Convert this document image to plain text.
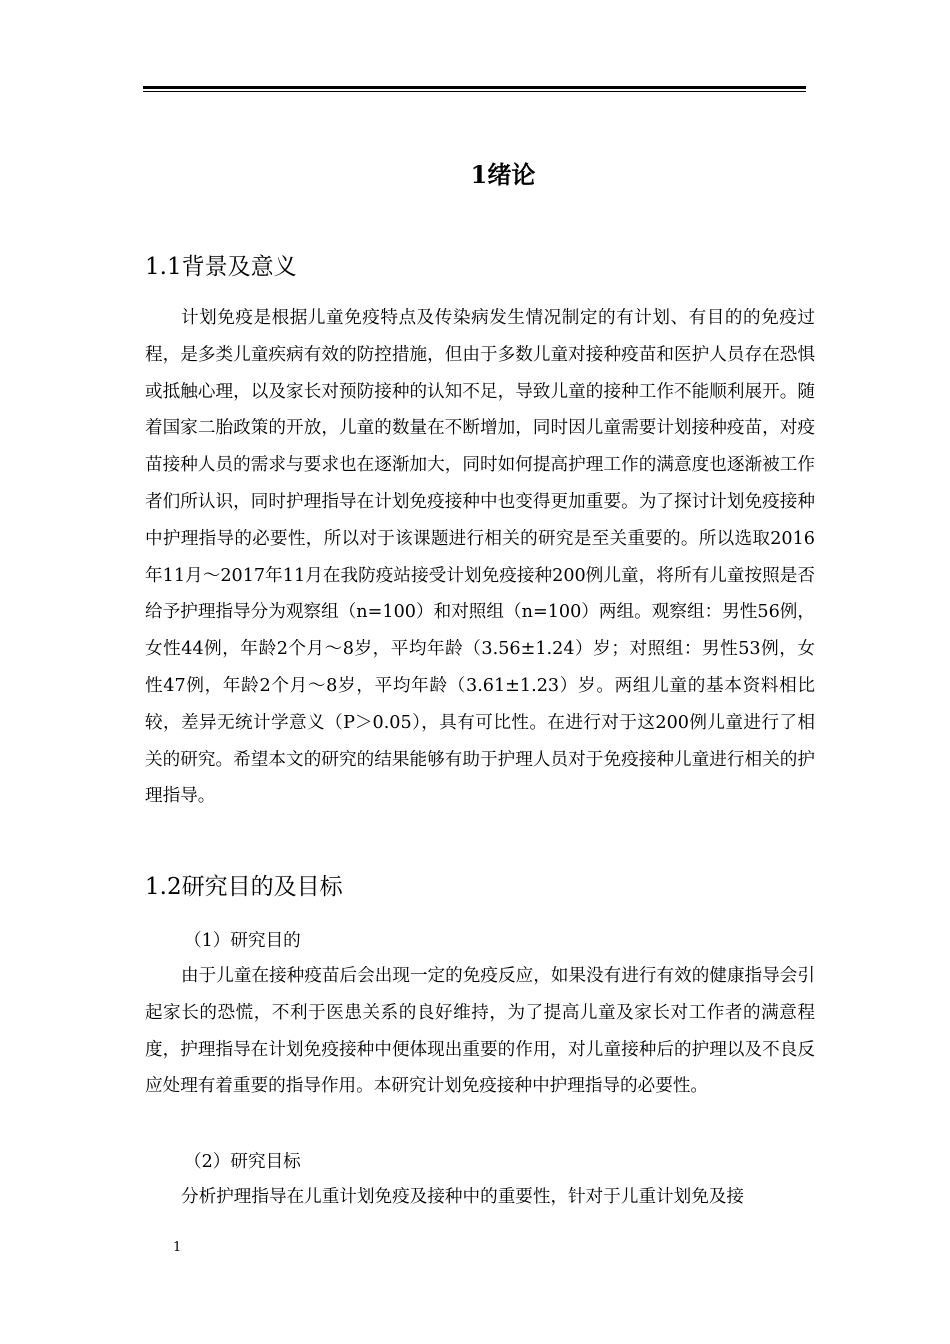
1绪论
1.1背景及意义

计划免疫是根据儿童免疫特点及传染病发生情况制定的有计划、有目的的免疫过程，是多类儿童疾病有效的防控措施，但由于多数儿童对接种疫苗和医护人员存在恐惧或抵触心理，以及家长对预防接种的认知不足，导致儿童的接种工作不能顺利展开。随着国家二胎政策的开放，儿童的数量在不断增加，同时因儿童需要计划接种疫苗，对疫苗接种人员的需求与要求也在逐渐加大，同时如何提高护理工作的满意度也逐渐被工作者们所认识，同时护理指导在计划免疫接种中也变得更加重要。为了探讨计划免疫接种中护理指导的必要性，所以对于该课题进行相关的研究是至关重要的。所以选取2016年11月～2017年11月在我防疫站接受计划免疫接种200例儿童，将所有儿童按照是否给予护理指导分为观察组（n=100）和对照组（n=100）两组。观察组：男性56例，女性44例，年龄2个月～8岁，平均年龄（3.56±1.24）岁；对照组：男性53例，女性47例，年龄2个月～8岁，平均年龄（3.61±1.23）岁。两组儿童的基本资料相比较，差异无统计学意义（P＞0.05），具有可比性。在进行对于这200例儿童进行了相关的研究。希望本文的研究的结果能够有助于护理人员对于免疫接种儿童进行相关的护理指导。

1.2研究目的及目标
（1）研究目的

由于儿童在接种疫苗后会出现一定的免疫反应，如果没有进行有效的健康指导会引起家长的恐慌，不利于医患关系的良好维持，为了提高儿童及家长对工作者的满意程度，护理指导在计划免疫接种中便体现出重要的作用，对儿童接种后的护理以及不良反应处理有着重要的指导作用。本研究计划免疫接种中护理指导的必要性。

（2）研究目标

分析护理指导在儿重计划免疫及接种中的重要性，针对于儿重计划免及接

1
